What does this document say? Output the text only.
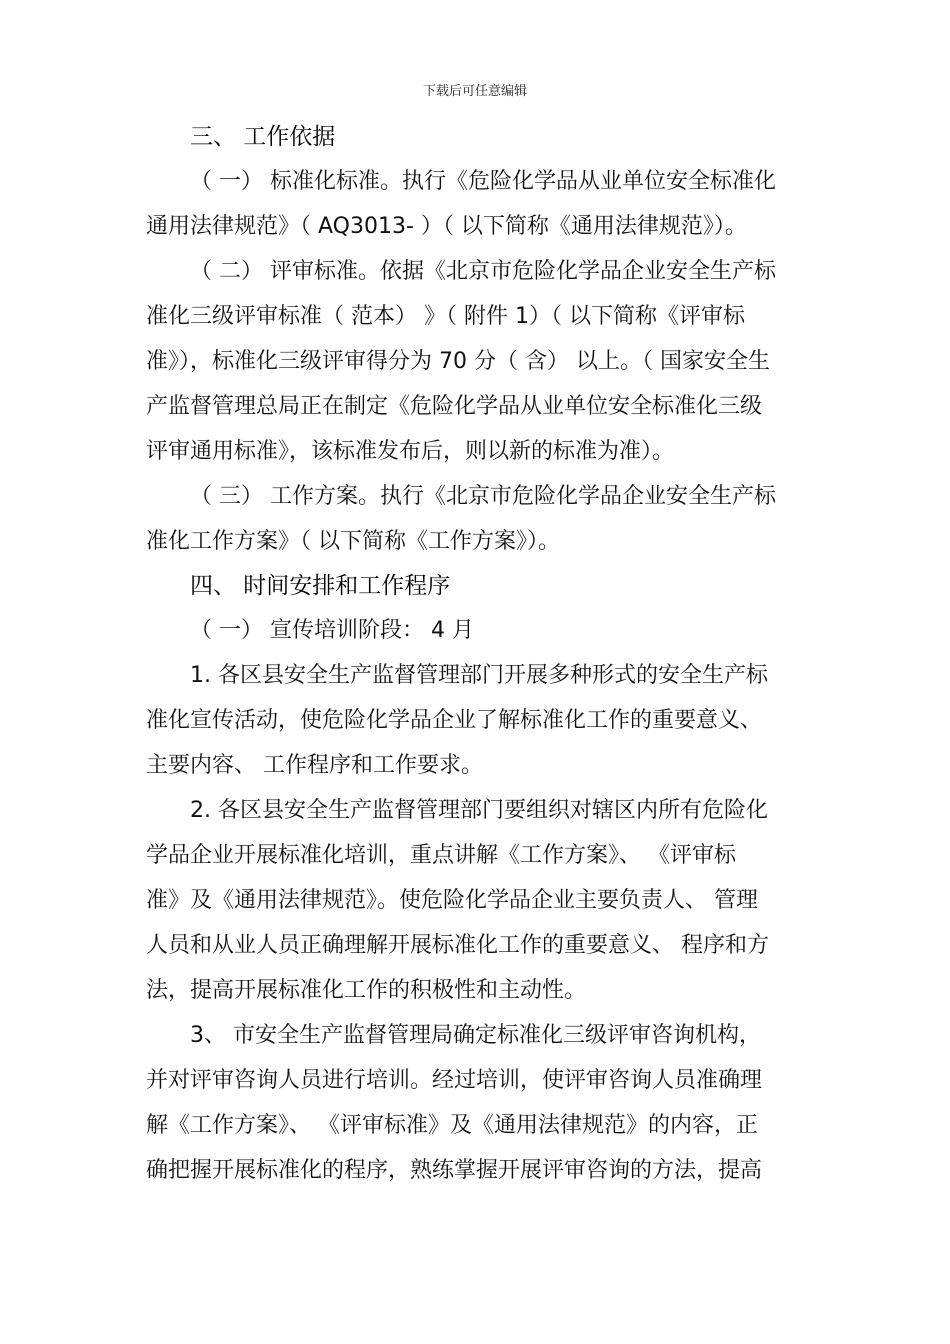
下载后可任意编辑
三、 工作依据
（ 一） 标准化标准。执行《危险化学品从业单位安全标准化
通用法律规范》（ AQ3013- ）（ 以下简称《通用法律规范》）。
（ 二） 评审标准。依据《北京市危险化学品企业安全生产标
准化三级评审标准（ 范本） 》（ 附件 1）（ 以下简称《评审标
准》），标准化三级评审得分为 70 分（ 含） 以上。（ 国家安全生
产监督管理总局正在制定《危险化学品从业单位安全标准化三级
评审通用标准》，该标准发布后，则以新的标准为准）。
（ 三） 工作方案。执行《北京市危险化学品企业安全生产标
准化工作方案》（ 以下简称《工作方案》）。
四、 时间安排和工作程序
（ 一） 宣传培训阶段： 4 月
1. 各区县安全生产监督管理部门开展多种形式的安全生产标
准化宣传活动，使危险化学品企业了解标准化工作的重要意义、
主要内容、 工作程序和工作要求。
2. 各区县安全生产监督管理部门要组织对辖区内所有危险化
学品企业开展标准化培训，重点讲解《工作方案》、 《评审标
准》及《通用法律规范》。使危险化学品企业主要负责人、 管理
人员和从业人员正确理解开展标准化工作的重要意义、 程序和方
法，提高开展标准化工作的积极性和主动性。
3、 市安全生产监督管理局确定标准化三级评审咨询机构，
并对评审咨询人员进行培训。经过培训，使评审咨询人员准确理
解《工作方案》、 《评审标准》及《通用法律规范》的内容，正
确把握开展标准化的程序，熟练掌握开展评审咨询的方法，提高
